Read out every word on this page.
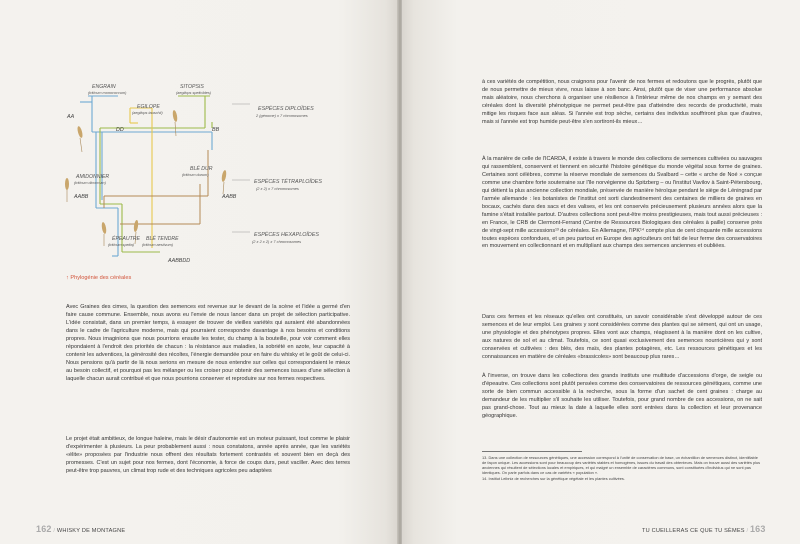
ENGRAIN
(triticum monococcum)
SITOPSIS
(aegilops speltoïdes)
EGILOPE
(aegilops tauschii)
AMIDONNIER
(triticum dicoccum)
BLÉ DUR
(triticum durum)
ÉPEAUTRE
(triticum spelta)
BLÉ TENDRE
(triticum aestivum)
AA
BB
DD
AABB	AABB
AABBDD
ESPÈCES DIPLOÏDES
2 (génome) x 7 chromosomes
ESPÈCES TÉTRAPLOÏDES
(2 x 2) x 7 chromosomes
ESPÈCES HEXAPLOÏDES
(2 x 2 x 2) x 7 chromosomes
↑ Phylogénie des céréales

Avec Graines des cimes, la question des semences est revenue sur le devant de la scène et l'idée a germé d'en faire cause commune. Ensemble, nous avons eu l'envie de nous lancer dans un projet de sélection participative. L'idée consistait, dans un premier temps, à essayer de trouver de vieilles variétés qui auraient été abandonnées dans le cadre de l'agriculture moderne, mais qui pourraient correspondre davantage à nos besoins et conditions propres. Nous imaginions que nous pourrions ensuite les tester, du champ à la bouteille, pour voir comment elles répondaient à l'endroit des priorités de chacun : la résistance aux maladies, la sobriété en azote, leur capacité à contenir les adventices, la générosité des récoltes, l'énergie demandée pour en faire du whisky et le goût de celui-ci. Nous pensions qu'à partir de là nous serions en mesure de nous entendre sur celles qui correspondaient le mieux au besoin collectif, et pourquoi pas les mélanger ou les croiser pour obtenir des semences issues d'une sélection à laquelle chacun aurait contribué et que nous pourrions conserver et reproduire sur nos fermes respectives.

Le projet était ambitieux, de longue haleine, mais le désir d'autonomie est un moteur puissant, tout comme le plaisir d'expérimenter à plusieurs. La peur probablement aussi : nous constatons, année après année, que les variétés «élite» proposées par l'industrie nous offrent des résultats fortement contrastés et souvent bien en deçà des promesses. C'est un sujet pour nos fermes, dont l'économie, à force de coups durs, peut vaciller. Avec des terres peut-être trop pauvres, un climat trop rude et des techniques agricoles peu adaptées

162 / WHISKY DE MONTAGNE

à ces variétés de compétition, nous craignons pour l'avenir de nos fermes et redoutons que le progrès, plutôt que de nous permettre de mieux vivre, nous laisse à son banc. Ainsi, plutôt que de viser une performance absolue mais aléatoire, nous cherchons à organiser une résilience à l'intérieur même de nos champs en y semant des céréales dont la diversité phénotypique ne permet peut-être pas d'atteindre des records de productivité, mais mitige les risques face aux aléas. Si l'année est trop sèche, certains des individus souffriront plus que d'autres, mais si l'année est trop humide peut-être s'en sortiront-ils mieux…

À la manière de celle de l'ICARDA, il existe à travers le monde des collections de semences cultivées ou sauvages qui rassemblent, conservent et tiennent en sécurité l'histoire génétique du monde végétal sous forme de graines. Certaines sont célèbres, comme la réserve mondiale de semences du Svalbard – cette « arche de Noé » conçue comme une chambre forte souterraine sur l'île norvégienne du Spitzberg – ou l'institut Vavilov à Saint-Pétersbourg, qui détient la plus ancienne collection mondiale, préservée de manière héroïque pendant le siège de Léningrad par l'armée allemande : les botanistes de l'institut ont sorti clandestinement des centaines de milliers de graines en bocaux, cachés dans des sacs et des valises, et les ont conservés précieusement plusieurs années alors que la famine s'était installée partout. D'autres collections sont peut-être moins prestigieuses, mais tout aussi précieuses : en France, le CRB de Clermont-Ferrand (Centre de Ressources Biologiques des céréales à paille) conserve près de vingt-sept mille accessions¹³ de céréales. En Allemagne, l'IPK¹⁴ compte plus de cent cinquante mille accessions toutes espèces confondues, et un peu partout en Europe des agriculteurs ont fait de leur ferme des conservatoires en mouvement en collectionnant et en multipliant aux champs des semences anciennes et oubliées.

Dans ces fermes et les réseaux qu'elles ont constitués, un savoir considérable s'est développé autour de ces semences et de leur emploi. Les graines y sont considérées comme des plantes qui se sèment, qui ont un usage, une physiologie et des phénotypes propres. Elles vont aux champs, réagissent à la manière dont on les cultive, aux natures de sol et au climat. Toutefois, ce sont quasi exclusivement des semences nourricières qui y sont conservées et cultivées : des blés, des maïs, des plantes potagères, etc. Les ressources génétiques et les connaissances en matière de céréales «brassicoles» sont beaucoup plus rares…

À l'inverse, on trouve dans les collections des grands instituts une multitude d'accessions d'orge, de seigle ou d'épeautre. Ces collections sont plutôt pensées comme des conservatoires de ressources génétiques, comme une sorte de bien commun accessible à la recherche, sous la forme d'un sachet de cent graines : charge au demandeur de les multiplier s'il souhaite les utiliser. Toutefois, pour grand nombre de ces accessions, on ne sait pas grand-chose. Tout au mieux la date à laquelle elles sont entrées dans la collection et leur provenance géographique.

13. Dans une collection de ressources génétiques, une accession correspond à l'unité de conservation de base, un échantillon de semences distinct, identifiable de façon unique. Les accessions sont pour beaucoup des variétés stables et homogènes, issues du travail des obtenteurs. Mais on trouve aussi des variétés plus anciennes qui résultent de sélections locales et empiriques, et qui malgré un ensemble de caractères communs, sont constituées d'individus qui ne sont pas identiques. On parle parfois dans ce cas de variétés « population ».

14. Institut Leibniz de recherches sur la génétique végétale et les plantes cultivées.

TU CUEILLERAS CE QUE TU SÈMES / 163
